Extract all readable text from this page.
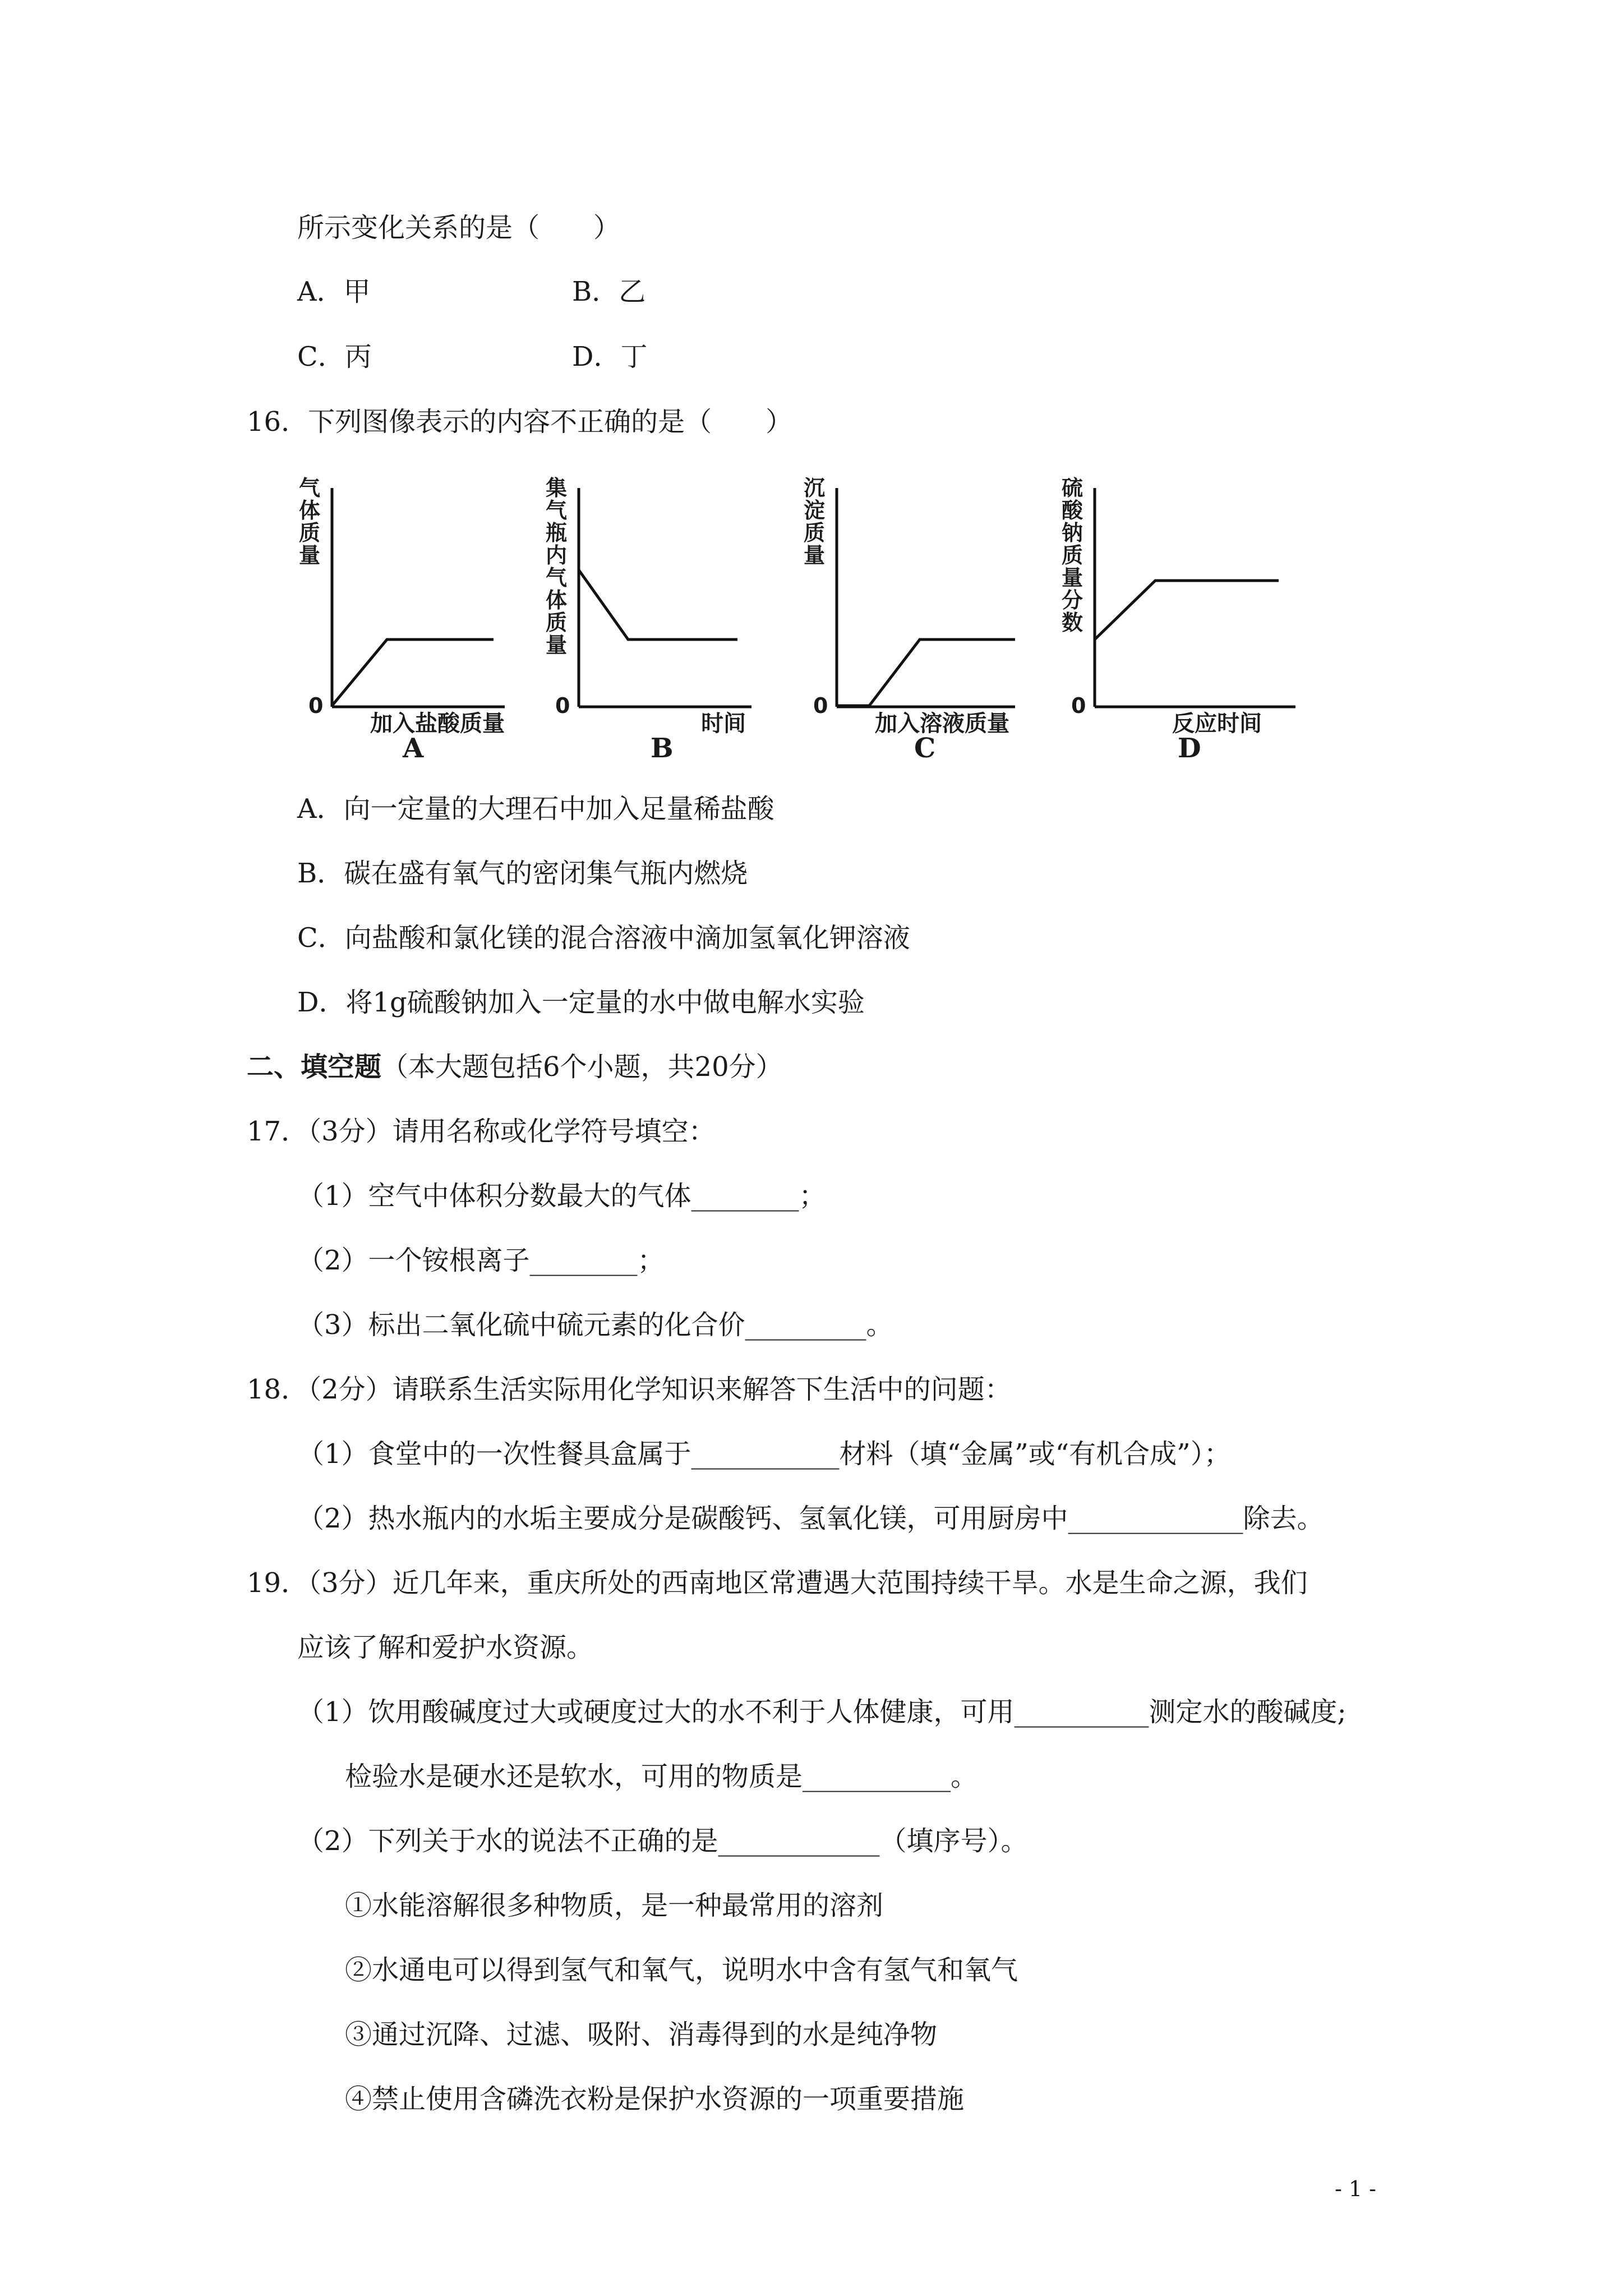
所示变化关系的是（　　）
A．甲	B．乙
C．丙	D．丁
16．下列图像表示的内容不正确的是（　　）
气体质量
0
加入盐酸质量
A
集气瓶内气体质量
0
时间
B
沉淀质量
0
加入溶液质量
C
硫酸钠质量分数
0
反应时间
D
A．向一定量的大理石中加入足量稀盐酸
B．碳在盛有氧气的密闭集气瓶内燃烧
C．向盐酸和氯化镁的混合溶液中滴加氢氧化钾溶液
D．将1g硫酸钠加入一定量的水中做电解水实验
二、填空题（本大题包括6个小题，共20分）
17．（3分）请用名称或化学符号填空：
（1）空气中体积分数最大的气体________；
（2）一个铵根离子________；
（3）标出二氧化硫中硫元素的化合价_________。
18．（2分）请联系生活实际用化学知识来解答下生活中的问题：
（1）食堂中的一次性餐具盒属于___________材料（填“金属”或“有机合成”）；
（2）热水瓶内的水垢主要成分是碳酸钙、氢氧化镁，可用厨房中_____________除去。
19．（3分）近几年来，重庆所处的西南地区常遭遇大范围持续干旱。水是生命之源，我们
应该了解和爱护水资源。
（1）饮用酸碱度过大或硬度过大的水不利于人体健康，可用__________测定水的酸碱度;
检验水是硬水还是软水，可用的物质是___________。
（2）下列关于水的说法不正确的是____________（填序号）。
①水能溶解很多种物质，是一种最常用的溶剂
②水通电可以得到氢气和氧气，说明水中含有氢气和氧气
③通过沉降、过滤、吸附、消毒得到的水是纯净物
④禁止使用含磷洗衣粉是保护水资源的一项重要措施
- 1 -
